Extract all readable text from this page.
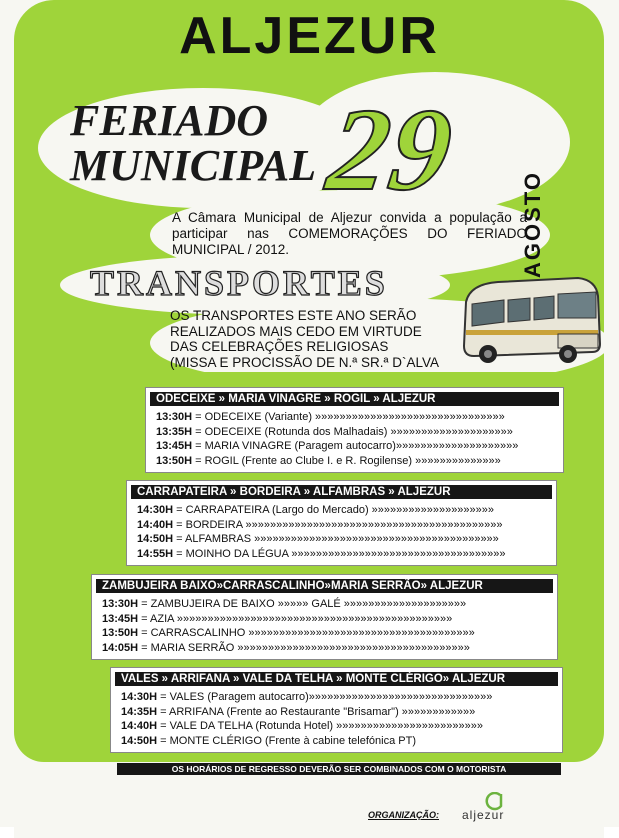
ALJEZUR
FERIADO
MUNICIPAL 29
AGOSTO
A Câmara Municipal de Aljezur convida a população a participar nas COMEMORAÇÕES DO FERIADO MUNICIPAL / 2012.
TRANSPORTES
OS TRANSPORTES ESTE ANO SERÃO
REALIZADOS MAIS CEDO EM VIRTUDE
DAS CELEBRAÇÕES RELIGIOSAS
(MISSA E PROCISSÃO DE N.ª SR.ª D`ALVA
ODECEIXE » MARIA VINAGRE » ROGIL » ALJEZUR
13:30H = ODECEIXE (Variante) »»»»»»»»»»»»»»»»»»»»»»»»»»»»»»»
13:35H = ODECEIXE (Rotunda dos Malhadais) »»»»»»»»»»»»»»»»»»»»
13:45H = MARIA VINAGRE (Paragem autocarro)»»»»»»»»»»»»»»»»»»»»
13:50H = ROGIL (Frente ao Clube I. e R. Rogilense) »»»»»»»»»»»»»»
CARRAPATEIRA » BORDEIRA » ALFAMBRAS » ALJEZUR
14:30H = CARRAPATEIRA (Largo do Mercado) »»»»»»»»»»»»»»»»»»»»
14:40H = BORDEIRA »»»»»»»»»»»»»»»»»»»»»»»»»»»»»»»»»»»»»»»»»»
14:50H = ALFAMBRAS »»»»»»»»»»»»»»»»»»»»»»»»»»»»»»»»»»»»»»»»
14:55H = MOINHO DA LÉGUA »»»»»»»»»»»»»»»»»»»»»»»»»»»»»»»»»»»
ZAMBUJEIRA BAIXO»CARRASCALINHO»MARIA SERRÃO» ALJEZUR
13:30H = ZAMBUJEIRA DE BAIXO »»»»» GALÉ »»»»»»»»»»»»»»»»»»»»
13:45H = AZIA »»»»»»»»»»»»»»»»»»»»»»»»»»»»»»»»»»»»»»»»»»»»»
13:50H = CARRASCALINHO »»»»»»»»»»»»»»»»»»»»»»»»»»»»»»»»»»»»»
14:05H = MARIA SERRÃO »»»»»»»»»»»»»»»»»»»»»»»»»»»»»»»»»»»»»»
VALES » ARRIFANA » VALE DA TELHA » MONTE CLÉRIGO» ALJEZUR
14:30H = VALES (Paragem autocarro)»»»»»»»»»»»»»»»»»»»»»»»»»»»»»»
14:35H = ARRIFANA (Frente ao Restaurante "Brisamar") »»»»»»»»»»»»
14:40H = VALE DA TELHA (Rotunda Hotel) »»»»»»»»»»»»»»»»»»»»»»»»
14:50H = MONTE CLÉRIGO (Frente à cabine telefónica PT)
OS HORÁRIOS DE REGRESSO DEVERÃO SER COMBINADOS COM O MOTORISTA
ORGANIZAÇÃO: aljezur
